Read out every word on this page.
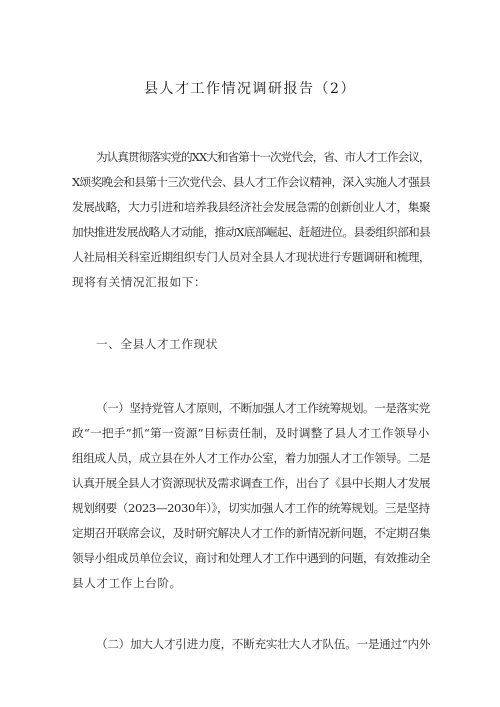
县人才工作情况调研报告（2）
为认真贯彻落实党的XX大和省第十一次党代会，省、市人才工作会议，
X颂奖晚会和县第十三次党代会、县人才工作会议精神，深入实施人才强县
发展战略，大力引进和培养我县经济社会发展急需的创新创业人才，集聚
加快推进发展战略人才动能，推动X底部崛起、赶超进位。县委组织部和县
人社局相关科室近期组织专门人员对全县人才现状进行专题调研和梳理，
现将有关情况汇报如下：
一、全县人才工作现状
（一）坚持党管人才原则，不断加强人才工作统筹规划。一是落实党
政“一把手”抓“第一资源”目标责任制，及时调整了县人才工作领导小
组组成人员，成立县在外人才工作办公室，着力加强人才工作领导。二是
认真开展全县人才资源现状及需求调查工作，出台了《县中长期人才发展
规划纲要（2023—2030年）》，切实加强人才工作的统筹规划。三是坚持
定期召开联席会议，及时研究解决人才工作的新情况新问题，不定期召集
领导小组成员单位会议，商讨和处理人才工作中遇到的问题，有效推动全
县人才工作上台阶。
（二）加大人才引进力度，不断充实壮大人才队伍。一是通过“内外
